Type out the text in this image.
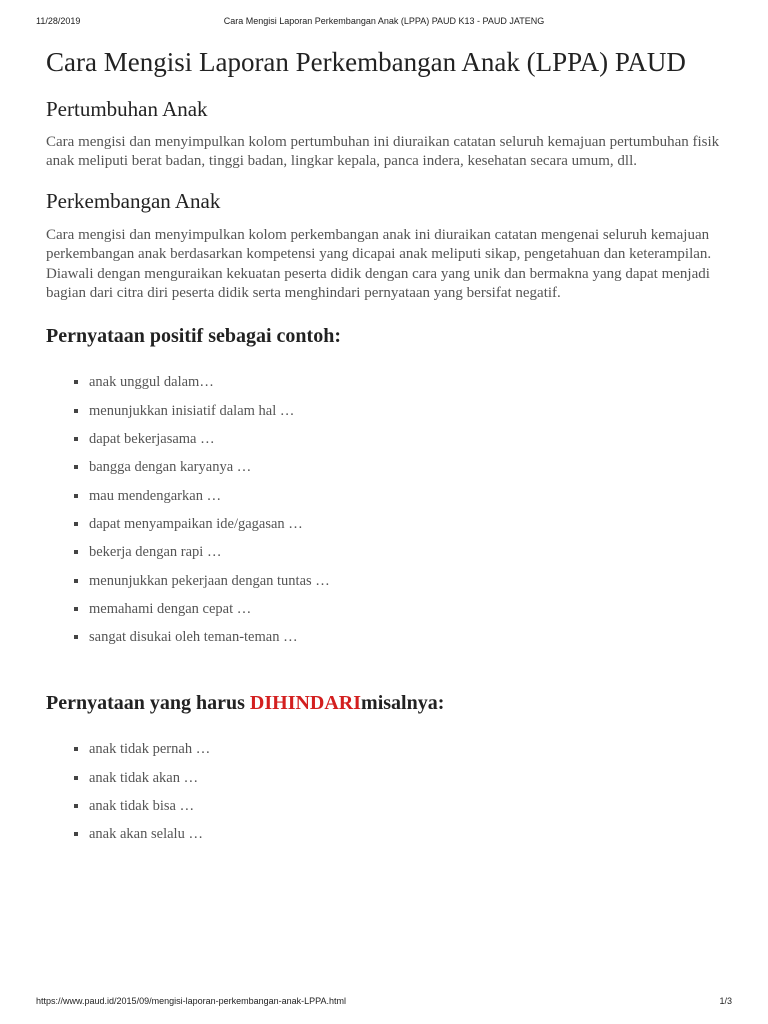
11/28/2019	Cara Mengisi Laporan Perkembangan Anak (LPPA) PAUD K13 - PAUD JATENG
Cara Mengisi Laporan Perkembangan Anak (LPPA) PAUD
Pertumbuhan Anak

Cara mengisi dan menyimpulkan kolom pertumbuhan ini diuraikan catatan seluruh kemajuan pertumbuhan fisik anak meliputi berat badan, tinggi badan, lingkar kepala, panca indera, kesehatan secara umum, dll.

Perkembangan Anak

Cara mengisi dan menyimpulkan kolom perkembangan anak ini diuraikan catatan mengenai seluruh kemajuan perkembangan anak berdasarkan kompetensi yang dicapai anak meliputi sikap, pengetahuan dan keterampilan. Diawali dengan menguraikan kekuatan peserta didik dengan cara yang unik dan bermakna yang dapat menjadi bagian dari citra diri peserta didik serta menghindari pernyataan yang bersifat negatif.

Pernyataan positif sebagai contoh:
anak unggul dalam…
menunjukkan inisiatif dalam hal …
dapat bekerjasama …
bangga dengan karyanya …
mau mendengarkan …
dapat menyampaikan ide/gagasan …
bekerja dengan rapi …
menunjukkan pekerjaan dengan tuntas …
memahami dengan cepat …
sangat disukai oleh teman-teman …
Pernyataan yang harus DIHINDARImisalnya:
anak tidak pernah …
anak tidak akan …
anak tidak bisa …
anak akan selalu …
https://www.paud.id/2015/09/mengisi-laporan-perkembangan-anak-LPPA.html	1/3
